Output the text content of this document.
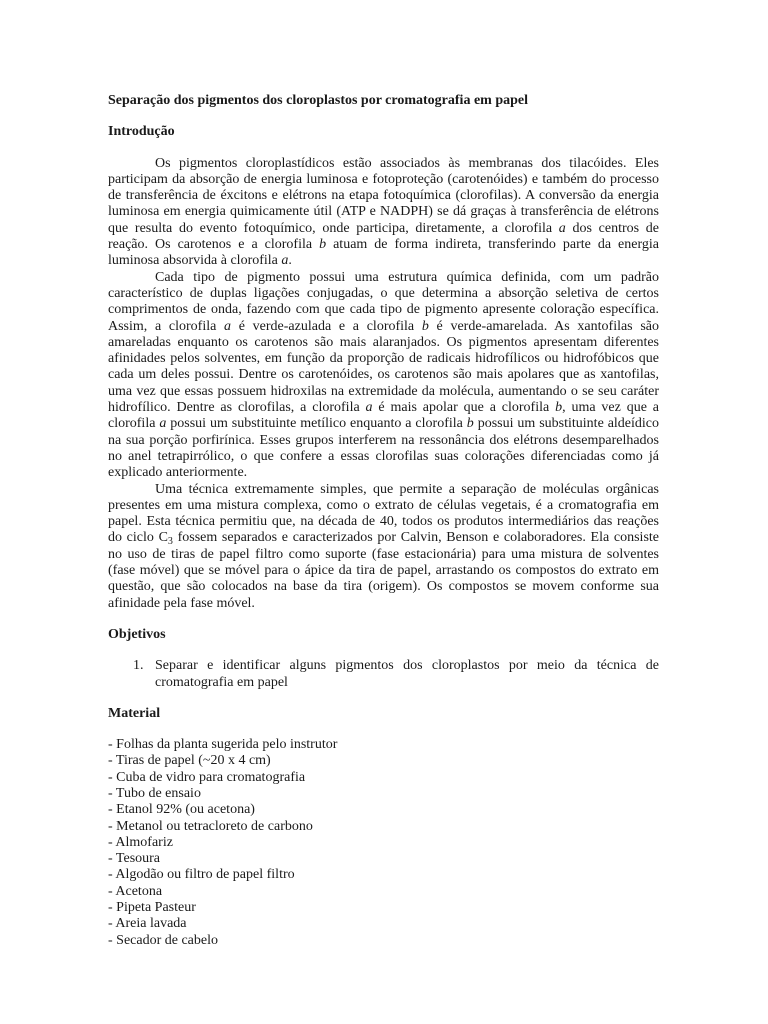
Separação dos pigmentos dos cloroplastos por cromatografia em papel

Introdução

Os pigmentos cloroplastídicos estão associados às membranas dos tilacóides. Eles participam da absorção de energia luminosa e fotoproteção (carotenóides) e também do processo de transferência de éxcitons e elétrons na etapa fotoquímica (clorofilas). A conversão da energia luminosa em energia quimicamente útil (ATP e NADPH) se dá graças à transferência de elétrons que resulta do evento fotoquímico, onde participa, diretamente, a clorofila a dos centros de reação. Os carotenos e a clorofila b atuam de forma indireta, transferindo parte da energia luminosa absorvida à clorofila a.

Cada tipo de pigmento possui uma estrutura química definida, com um padrão característico de duplas ligações conjugadas, o que determina a absorção seletiva de certos comprimentos de onda, fazendo com que cada tipo de pigmento apresente coloração específica. Assim, a clorofila a é verde-azulada e a clorofila b é verde-amarelada. As xantofilas são amareladas enquanto os carotenos são mais alaranjados. Os pigmentos apresentam diferentes afinidades pelos solventes, em função da proporção de radicais hidrofílicos ou hidrofóbicos que cada um deles possui. Dentre os carotenóides, os carotenos são mais apolares que as xantofilas, uma vez que essas possuem hidroxilas na extremidade da molécula, aumentando o se seu caráter hidrofílico. Dentre as clorofilas, a clorofila a é mais apolar que a clorofila b, uma vez que a clorofila a possui um substituinte metílico enquanto a clorofila b possui um substituinte aldeídico na sua porção porfirínica. Esses grupos interferem na ressonância dos elétrons desemparelhados no anel tetrapirrólico, o que confere a essas clorofilas suas colorações diferenciadas como já explicado anteriormente.

Uma técnica extremamente simples, que permite a separação de moléculas orgânicas presentes em uma mistura complexa, como o extrato de células vegetais, é a cromatografia em papel. Esta técnica permitiu que, na década de 40, todos os produtos intermediários das reações do ciclo $C_3$ fossem separados e caracterizados por Calvin, Benson e colaboradores. Ela consiste no uso de tiras de papel filtro como suporte (fase estacionária) para uma mistura de solventes (fase móvel) que se móvel para o ápice da tira de papel, arrastando os compostos do extrato em questão, que são colocados na base da tira (origem). Os compostos se movem conforme sua afinidade pela fase móvel.

Objetivos

1. Separar e identificar alguns pigmentos dos cloroplastos por meio da técnica de cromatografia em papel

Material

- Folhas da planta sugerida pelo instrutor
- Tiras de papel (~20 x 4 cm)
- Cuba de vidro para cromatografia
- Tubo de ensaio
- Etanol 92% (ou acetona)
- Metanol ou tetracloreto de carbono
- Almofariz
- Tesoura
- Algodão ou filtro de papel filtro
- Acetona
- Pipeta Pasteur
- Areia lavada
- Secador de cabelo
